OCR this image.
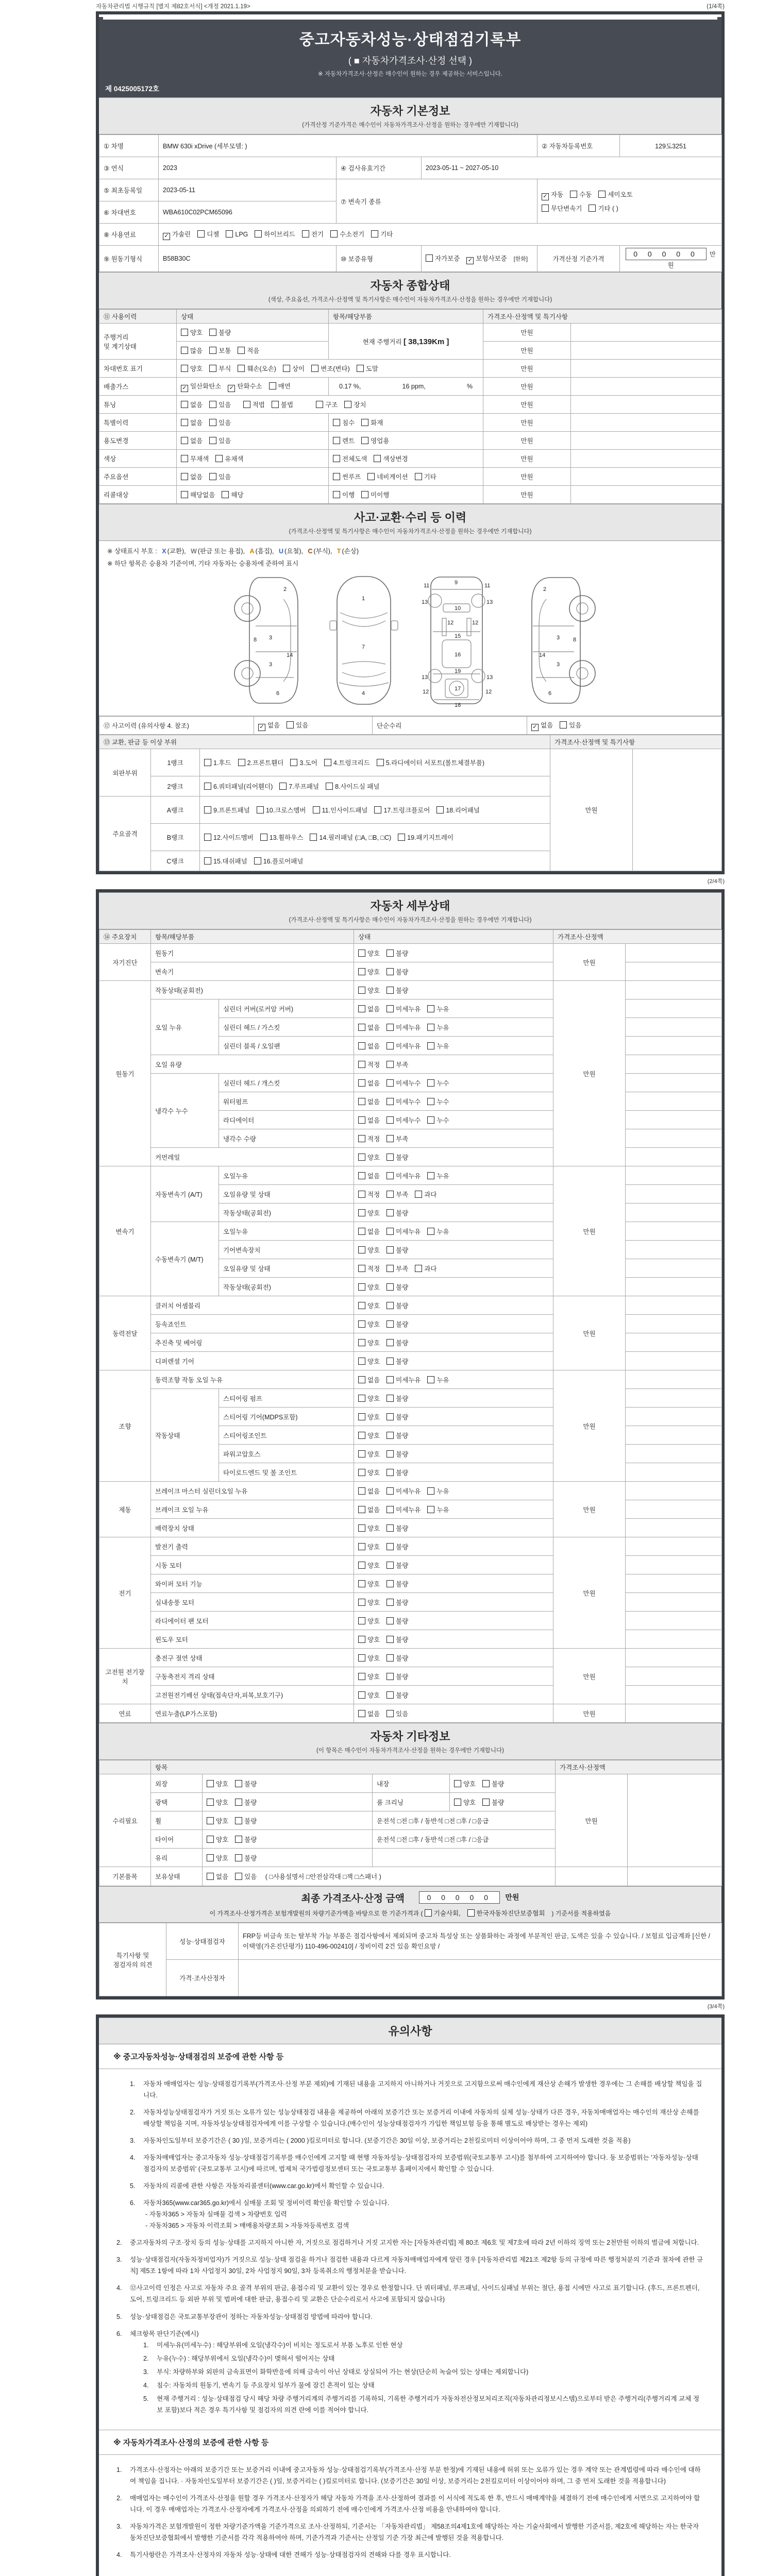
자동차관리법 시행규칙 [별지 제82호서식] <개정 2021.1.19>	(1/4쪽)
중고자동차성능·상태점검기록부
( ■ 자동차가격조사·산정 선택 )
※ 자동차가격조사·산정은 매수인이 원하는 경우 제공하는 서비스입니다.
제 0425005172호
자동차 기본정보
(가격산정 기준가격은 매수인이 자동차가격조사·산정을 원하는 경우에만 기재합니다)
① 차명	BMW 630i xDrive (세부모델: )			② 자동차등록번호	129도3251
③ 연식	2023	④ 검사유효기간	2023-05-11 ~ 2027-05-10		
⑤ 최초등록일	2023-05-11	⑦ 변속기 종류		✓ 자동 수동 세미오토
무단변속기 기타 ( )	

⑥ 차대번호	WBA610C02PCM65096				
⑧ 사용연료	✓ 가솔린 디젤 LPG 하이브리드 전기 수소전기 기타				
⑨ 원동기형식	B58B30C	⑩ 보증유형	자가보증 ✓ 보험사보증 [한화]	가격산정 기준가격	0 0 0 0 0 만원
자동차 종합상태
(색상, 주요옵션, 가격조사·산정액 및 특기사항은 매수인이 자동차가격조사·산정을 원하는 경우에만 기재합니다)
⑪ 사용이력	상태	항목/해당부품	가격조사·산정액 및 특기사항	

주행거리
및 계기상태	양호 불량	현재 주행거리 [ 38,139Km ]	만원	
	많음 보통 적음		만원	
차대번호 표기	양호 부식 훼손(오손) 상이 변조(변타) 도말		만원	
배출가스	✓ 일산화탄소 ✓ 탄화수소 매연	0.17 %, 16 ppm, %	만원	
튜닝	없음 있음 적법 불법 구조 장치		만원	
특별이력	없음 있음	침수 화재	만원	
용도변경	없음 있음	렌트 영업용	만원	
색상	무채색 유채색	전체도색 색상변경	만원	
주요옵션	없음 있음	썬루프 네비게이션 기타	만원	
리콜대상	해당없음 해당	이행 미이행	만원	
사고·교환·수리 등 이력
(가격조사·산정액 및 특기사항은 매수인이 자동차가격조사·산정을 원하는 경우에만 기재합니다)
※ 상태표시 부호 : X (교환), W (판금 또는 용접), A (흠집), U (요철), C (부식), T (손상)
※ 하단 항목은 승용차 기준이며, 기타 자동차는 승용차에 준하여 표시
2
8 3
14
3
6
1
7
4
9
11	11
13	13
12	12
10
15
16
19
13	13
12	12
17
18
2
8
3
14
3
6
⑫ 사고이력 (유의사항 4. 참조)	✓ 없음 있음	단순수리	✓ 없음 있음
⑬ 교환, 판금 등 이상 부위			가격조사·산정액 및 특기사항	
외판부위	1랭크	1.후드 2.프론트휀더 3.도어 4.트렁크리드 5.라디에이터 서포트(볼트체결부품)	만원	
	2랭크	6.쿼터패널(리어휀더) 7.루프패널 8.사이드실 패널		
주요골격	A랭크	9.프론트패널 10.크로스멤버 11.인사이드패널 17.트렁크플로어 18.리어패널		
	B랭크	12.사이드멤버 13.휠하우스 14.필러패널 (□A, □B, □C) 19.패키지트레이		
	C랭크	15.대쉬패널 16.플로어패널		
(2/4쪽)
자동차 세부상태
(가격조사·산정액 및 특기사항은 매수인이 자동차가격조사·산정을 원하는 경우에만 기재합니다)
⑭ 주요장치	항목/해당부품		상태	가격조사·산정액	
자기진단	원동기		양호 불량	만원	
	변속기		양호 불량		
원동기	작동상태(공회전)		양호 불량	만원	
	오일 누유	실린더 커버(로커암 커버)	없음 미세누유 누유		
		실린더 헤드 / 가스킷	없음 미세누유 누유		
		실린더 블록 / 오일팬	없음 미세누유 누유		
	오일 유량		적정 부족		
	냉각수 누수	실린더 헤드 / 개스킷	없음 미세누수 누수		
		워터펌프	없음 미세누수 누수		
		라디에이터	없음 미세누수 누수		
		냉각수 수량	적정 부족		
	커먼레일		양호 불량		
변속기	자동변속기 (A/T)	오일누유	없음 미세누유 누유	만원	
		오일유량 및 상태	적정 부족 과다		
		작동상태(공회전)	양호 불량		
	수동변속기 (M/T)	오일누유	없음 미세누유 누유		
		기어변속장치	양호 불량		
		오일유량 및 상태	적정 부족 과다		
		작동상태(공회전)	양호 불량		
동력전달	클러치 어셈블리		양호 불량	만원	
	등속죠인트		양호 불량		
	추진축 및 베어링		양호 불량		
	디퍼렌셜 기어		양호 불량		
조향	동력조향 작동 오일 누유		없음 미세누유 누유	만원	
	작동상태	스티어링 펌프	양호 불량		
		스티어링 기어(MDPS포함)	양호 불량		
		스티어링조인트	양호 불량		
		파워고압호스	양호 불량		
		타이로드엔드 및 볼 조인트	양호 불량		
제동	브레이크 마스터 실린더오일 누유		없음 미세누유 누유	만원	
	브레이크 오일 누유		없음 미세누유 누유		
	배력장치 상태		양호 불량		
전기	발전기 출력		양호 불량	만원	
	시동 모터		양호 불량		
	와이퍼 모터 기능		양호 불량		
	실내송풍 모터		양호 불량		
	라디에이터 팬 모터		양호 불량		
	윈도우 모터		양호 불량		
고전원 전기장치	충전구 절연 상태		양호 불량	만원	
	구동축전지 격리 상태		양호 불량		
	고전원전기배선 상태(접속단자,피복,보호기구)		양호 불량		
연료	연료누출(LP가스포함)		없음 있음	만원	
자동차 기타정보
(이 항목은 매수인이 자동차가격조사·산정을 원하는 경우에만 기재합니다)
	항목				가격조사·산정액	
수리필요	외장	양호 불량	내장	양호 불량	만원	
	광택	양호 불량	룸 크리닝	양호 불량		
	휠	양호 불량	운전석 □전 □후 / 동반석 □전 □후 / □응급			
	타이어	양호 불량	운전석 □전 □후 / 동반석 □전 □후 / □응급			
	유리	양호 불량				
기본품목	보유상태	없음 있음 ( □사용설명서 □안전삼각대 □잭 □스패너 )				
최종 가격조사·산정 금액	0 0 0 0 0 만원
이 가격조사·산정가격은 보험개발원의 차량기준가액을 바탕으로 한 기준가격과 ( 기술사회, 한국자동차진단보증협회 ) 기준서를 적용하였음
특기사항 및
점검자의 의견	성능·상태점검자	FRP등 비금속 또는 탈부착 가능 부품은 점검사항에서 제외되며 중고차 특성상 또는 상품화하는 과정에 부분적인 판금, 도색은 있을 수 있습니다. / 보험료 입금계좌 [신한 / 이택영(가온진단평가) 110-496-002410] / 정비이력 2건 있음 확인요망 /

	가격·조사산정자	
(3/4쪽)
유의사항
※ 중고자동차성능·상태점검의 보증에 관한 사항 등
1.	자동차 매매업자는 성능·상태점검기록부(가격조사·산정 부분 제외)에 기재된 내용을 고지하지 아니하거나 거짓으로 고지함으로써 매수인에게 재산상 손해가 발생한 경우에는 그 손해를 배상할 책임을 집니다.
2.	자동차성능상태점검자가 거짓 또는 오류가 있는 성능상태점검 내용을 제공하여 아래의 보증기간 또는 보증거리 이내에 자동차의 실제 성능·상태가 다른 경우, 자동차매매업자는 매수인의 재산상 손해를 배상할 책임을 지며, 자동차성능상태점검자에게 이를 구상할 수 있습니다.(매수인이 성능상태점검자가 가입한 책임보험 등을 통해 별도로 배상받는 경우는 제외)
3.	자동차인도일부터 보증기간은 ( 30 )일, 보증거리는 ( 2000 )킬로미터로 합니다. (보증기간은 30일 이상, 보증거리는 2천킬로미터 이상이어야 하며, 그 중 먼저 도래한 것을 적용)
4.	자동차매매업자는 중고자동차 성능·상태점검기록부를 매수인에게 고지할 때 현행 자동차성능·상태점검자의 보증범위(국토교통부 고시)를 첨부하여 고지하여야 합니다. 동 보증범위는 '자동차성능·상태점검자의 보증범위' (국토교통부 고시)에 따르며, 법제처 국가법령정보센터 또는 국토교통부 홈페이지에서 확인할 수 있습니다.
5.	자동차의 리콜에 관한 사항은 자동차리콜센터(www.car.go.kr)에서 확인할 수 있습니다.
6.	자동차365(www.car365.go.kr)에서 실매물 조회 및 정비이력 확인을 확인할 수 있습니다.
- 자동차365 > 자동차 실매물 검색 > 차량번호 입력
- 자동차365 > 자동차 이력조회 > 매매용차량조회 > 자동차등록번호 검색
2.	중고자동차의 구조·장치 등의 성능·상태를 고지하지 아니한 자, 거짓으로 점검하거나 거짓 고지한 자는 [자동차관리법] 제 80조 제6호 및 제7호에 따라 2년 이하의 징역 또는 2천만원 이하의 벌금에 처합니다.
3.	성능·상태점검자(자동차정비업자)가 거짓으로 성능·상태 점검을 하거나 점검한 내용과 다르게 자동차매매업자에게 알린 경우 [자동차관리법 제21조 제2항 등의 규정에 따른 행정처분의 기준과 절차에 관한 규칙] 제5조 1항에 따라 1차 사업정지 30일, 2차 사업정지 90일, 3차 등록취소의 행정처분을 받습니다.
4.	⑫사고이력 인정은 사고로 자동차 주요 골격 부위의 판금, 용접수리 및 교환이 있는 경우로 한정합니다. 단 쿼터패널, 루프패널, 사이드실패널 부위는 절단, 용접 시에만 사고로 표기합니다. (후드, 프론트펜더, 도어, 트렁크리드 등 외판 부위 및 범퍼에 대한 판금, 용접수리 및 교환은 단순수리로서 사고에 포함되지 않습니다)
5.	성능·상태점검은 국토교통부장관이 정하는 자동차성능·상태점검 방법에 따라야 합니다.
6.	체크항목 판단기준(예시)
1.	미세누유(미세누수) : 해당부위에 오일(냉각수)이 비치는 정도로서 부품 노후로 인한 현상
2.	누유(누수) : 해당부위에서 오일(냉각수)이 맺혀서 떨어지는 상태
3.	부식: 차량하부와 외판의 금속표면이 화학반응에 의해 금속이 아닌 상태로 상실되어 가는 현상(단순히 녹슬어 있는 상태는 제외합니다)
4.	침수: 자동차의 원동기, 변속기 등 주요장치 일부가 물에 잠긴 흔적이 있는 상태
5.	현재 주행거리 : 성능·상태점검 당시 해당 차량 주행거리계의 주행거리를 기록하되, 기록한 주행거리가 자동차전산정보처리조직(자동차관리정보시스템)으로부터 받은 주행거리(주행거리계 교체 정보 포함)보다 적은 경우 특기사항 및 점검자의 의견 란에 이를 적어야 합니다.
※ 자동차가격조사·산정의 보증에 관한 사항 등
1.	가격조사·산정자는 아래의 보증기간 또는 보증거리 이내에 중고자동차 성능·상태점검기록부(가격조사·산정 부분 한정)에 기재된 내용에 허위 또는 오류가 있는 경우 계약 또는 관계법령에 따라 매수인에 대하여 책임을 집니다. · 자동차인도일부터 보증기간은 ( )일, 보증거리는 ( )킬로미터로 합니다. (보증기간은 30일 이상, 보증거리는 2천킬로미터 이상이어야 하며, 그 중 먼저 도래한 것을 적용합니다)
2.	매매업자는 매수인이 가격조사·산정을 원할 경우 가격조사·산정자가 해당 자동차 가격을 조사·산정하여 결과를 이 서식에 적도록 한 후, 반드시 매매계약을 체결하기 전에 매수인에게 서면으로 고지하여야 합니다. 이 경우 매매업자는 가격조사·산정자에게 가격조사·산정을 의뢰하기 전에 매수인에게 가격조사·산정 비용을 안내하여야 합니다.
3.	자동차가격은 보험개발원이 정한 차량기준가액을 기준가격으로 조사·산정하되, 기준서는 「자동차관리법」 제58조의4제1호에 해당하는 자는 기술사회에서 발행한 기준서를, 제2호에 해당하는 자는 한국자동차진단보증협회에서 발행한 기준서를 각각 적용하여야 하며, 기준가격과 기준서는 산정일 기준 가장 최근에 발행된 것을 적용합니다.
4.	특기사항란은 가격조사·산정자의 자동차 성능·상태에 대한 견해가 성능·상태점검자의 견해와 다를 경우 표시합니다.
